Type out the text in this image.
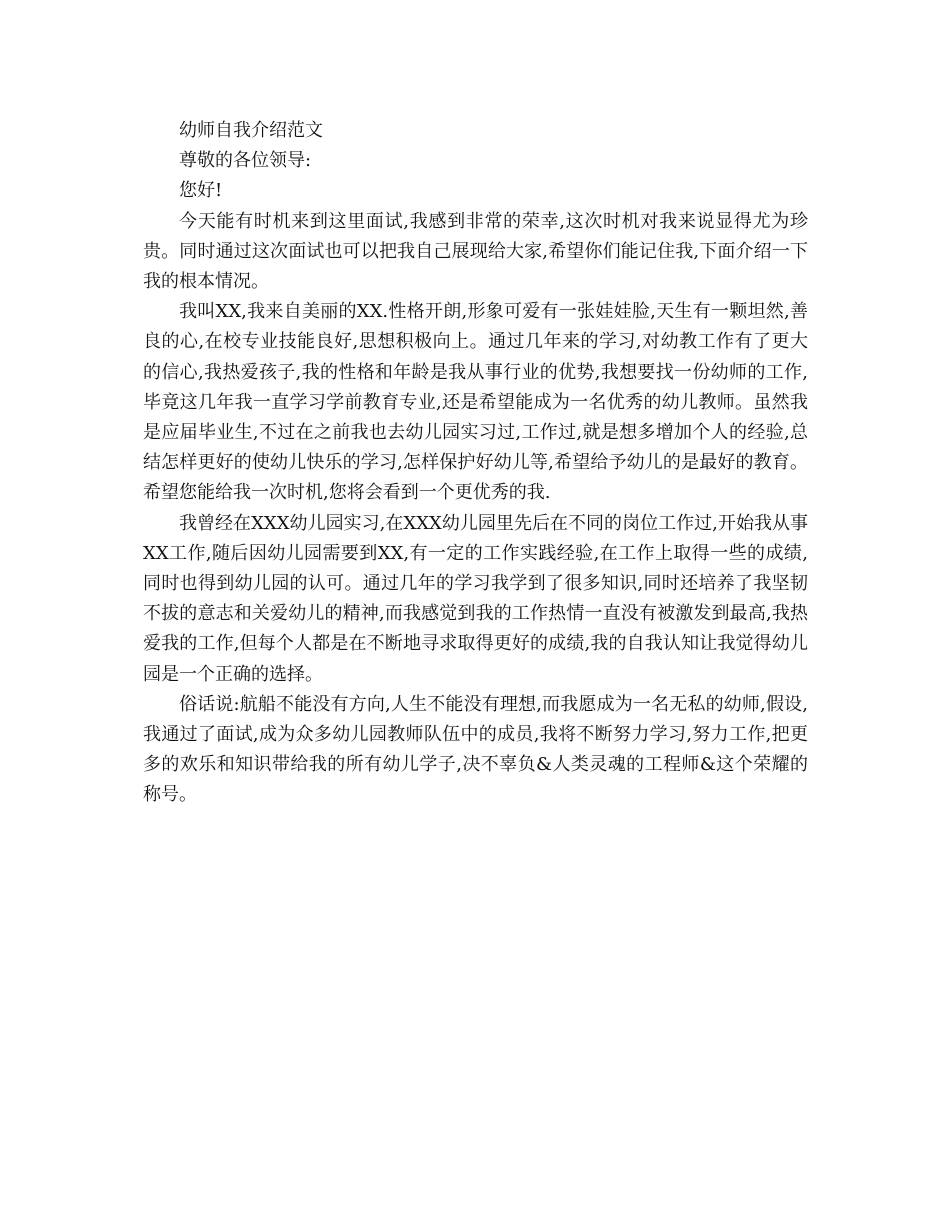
幼师自我介绍范文

尊敬的各位领导:

您好!

今天能有时机来到这里面试,我感到非常的荣幸,这次时机对我来说显得尤为珍贵。同时通过这次面试也可以把我自己展现给大家,希望你们能记住我,下面介绍一下我的根本情况。

我叫XX,我来自美丽的XX.性格开朗,形象可爱有一张娃娃脸,天生有一颗坦然,善良的心,在校专业技能良好,思想积极向上。通过几年来的学习,对幼教工作有了更大的信心,我热爱孩子,我的性格和年龄是我从事行业的优势,我想要找一份幼师的工作,毕竟这几年我一直学习学前教育专业,还是希望能成为一名优秀的幼儿教师。虽然我是应届毕业生,不过在之前我也去幼儿园实习过,工作过,就是想多增加个人的经验,总结怎样更好的使幼儿快乐的学习,怎样保护好幼儿等,希望给予幼儿的是最好的教育。希望您能给我一次时机,您将会看到一个更优秀的我.

我曾经在XXX幼儿园实习,在XXX幼儿园里先后在不同的岗位工作过,开始我从事XX工作,随后因幼儿园需要到XX,有一定的工作实践经验,在工作上取得一些的成绩,同时也得到幼儿园的认可。通过几年的学习我学到了很多知识,同时还培养了我坚韧不拔的意志和关爱幼儿的精神,而我感觉到我的工作热情一直没有被激发到最高,我热爱我的工作,但每个人都是在不断地寻求取得更好的成绩,我的自我认知让我觉得幼儿园是一个正确的选择。

俗话说:航船不能没有方向,人生不能没有理想,而我愿成为一名无私的幼师,假设,我通过了面试,成为众多幼儿园教师队伍中的成员,我将不断努力学习,努力工作,把更多的欢乐和知识带给我的所有幼儿学子,决不辜负&人类灵魂的工程师&这个荣耀的称号。
